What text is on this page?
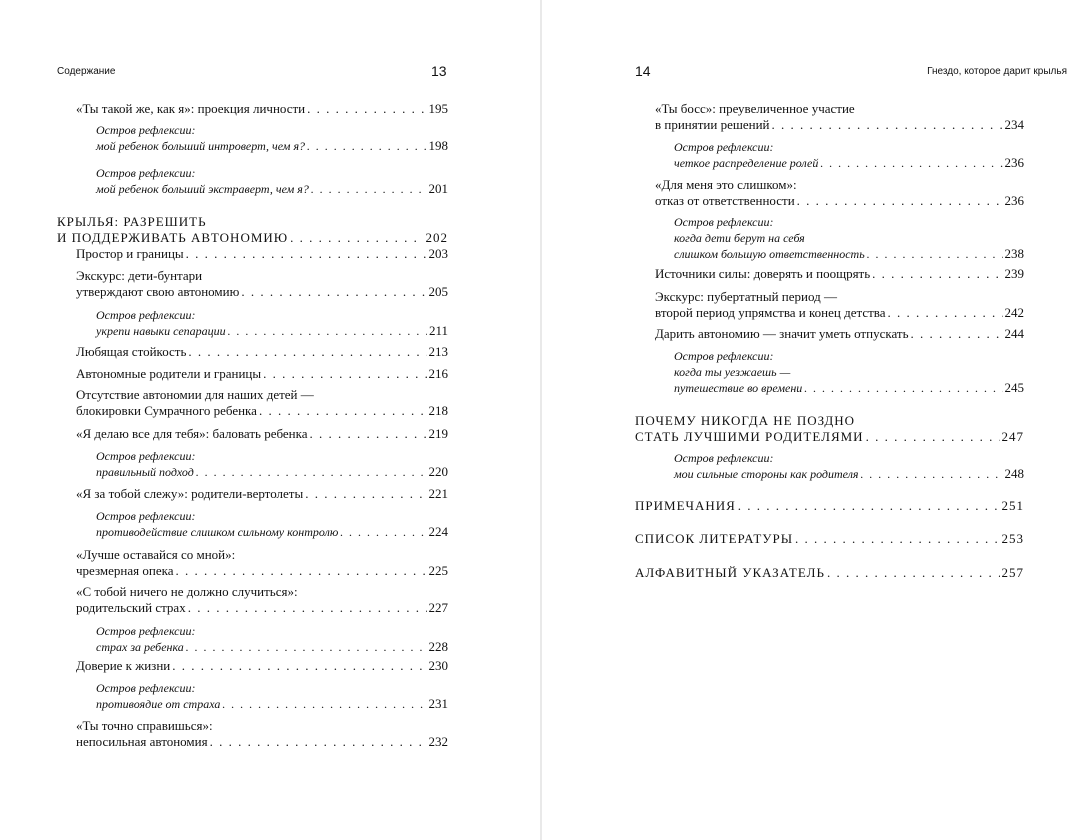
Содержание	13
«Ты такой же, как я»: проекция личности . . .	195
Остров рефлексии:
мой ребенок больший интроверт, чем я? . . .	198
Остров рефлексии:
мой ребенок больший экстраверт, чем я? . . .	201
КРЫЛЬЯ: РАЗРЕШИТЬ
И ПОДДЕРЖИВАТЬ АВТОНОМИЮ . . .	202
Простор и границы . . .	203
Экскурс: дети-бунтари
утверждают свою автономию . . .	205
Остров рефлексии:
укрепи навыки сепарации . . .	211
Любящая стойкость . . .	213
Автономные родители и границы . . .	216
Отсутствие автономии для наших детей —
блокировки Сумрачного ребенка . . .	218
«Я делаю все для тебя»: баловать ребенка . . .	219
Остров рефлексии:
правильный подход . . .	220
«Я за тобой слежу»: родители-вертолеты . . .	221
Остров рефлексии:
противодействие слишком сильному контролю . . .	224
«Лучше оставайся со мной»:
чрезмерная опека . . .	225
«С тобой ничего не должно случиться»:
родительский страх . . .	227
Остров рефлексии:
страх за ребенка . . .	228
Доверие к жизни . . .	230
Остров рефлексии:
противоядие от страха . . .	231
«Ты точно справишься»:
непосильная автономия . . .	232
14	Гнездо, которое дарит крылья
«Ты босс»: преувеличенное участие
в принятии решений . . .	234
Остров рефлексии:
четкое распределение ролей . . .	236
«Для меня это слишком»:
отказ от ответственности . . .	236
Остров рефлексии:
когда дети берут на себя
слишком большую ответственность . . .	238
Источники силы: доверять и поощрять . . .	239
Экскурс: пубертатный период —
второй период упрямства и конец детства . . .	242
Дарить автономию — значит уметь отпускать . . .	244
Остров рефлексии:
когда ты уезжаешь —
путешествие во времени . . .	245
ПОЧЕМУ НИКОГДА НЕ ПОЗДНО
СТАТЬ ЛУЧШИМИ РОДИТЕЛЯМИ . . .	247
Остров рефлексии:
мои сильные стороны как родителя . . .	248
ПРИМЕЧАНИЯ . . .	251
СПИСОК ЛИТЕРАТУРЫ . . .	253
АЛФАВИТНЫЙ УКАЗАТЕЛЬ . . .	257
